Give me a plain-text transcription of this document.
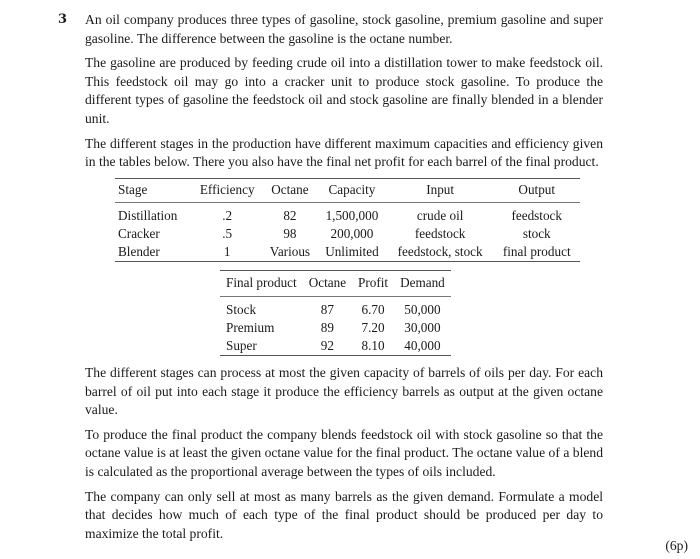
3 An oil company produces three types of gasoline, stock gasoline, premium gasoline and super gasoline. The difference between the gasoline is the octane number.

The gasoline are produced by feeding crude oil into a distillation tower to make feedstock oil. This feedstock oil may go into a cracker unit to produce stock gasoline. To produce the different types of gasoline the feedstock oil and stock gasoline are finally blended in a blender unit.

The different stages in the production have different maximum capacities and efficiency given in the tables below. There you also have the final net profit for each barrel of the final product.

Stage	Efficiency	Octane	Capacity	Input	Output
Distillation	.2	82	1,500,000	crude oil	feedstock
Cracker	.5	98	200,000	feedstock	stock
Blender	1	Various	Unlimited	feedstock, stock	final product
Final product	Octane	Profit	Demand
Stock	87	6.70	50,000
Premium	89	7.20	30,000
Super	92	8.10	40,000

The different stages can process at most the given capacity of barrels of oils per day. For each barrel of oil put into each stage it produce the efficiency barrels as output at the given octane value.

To produce the final product the company blends feedstock oil with stock gasoline so that the octane value is at least the given octane value for the final product. The octane value of a blend is calculated as the proportional average between the types of oils included.

The company can only sell at most as many barrels as the given demand. Formulate a model that decides how much of each type of the final product should be produced per day to maximize the total profit.

(6p)
